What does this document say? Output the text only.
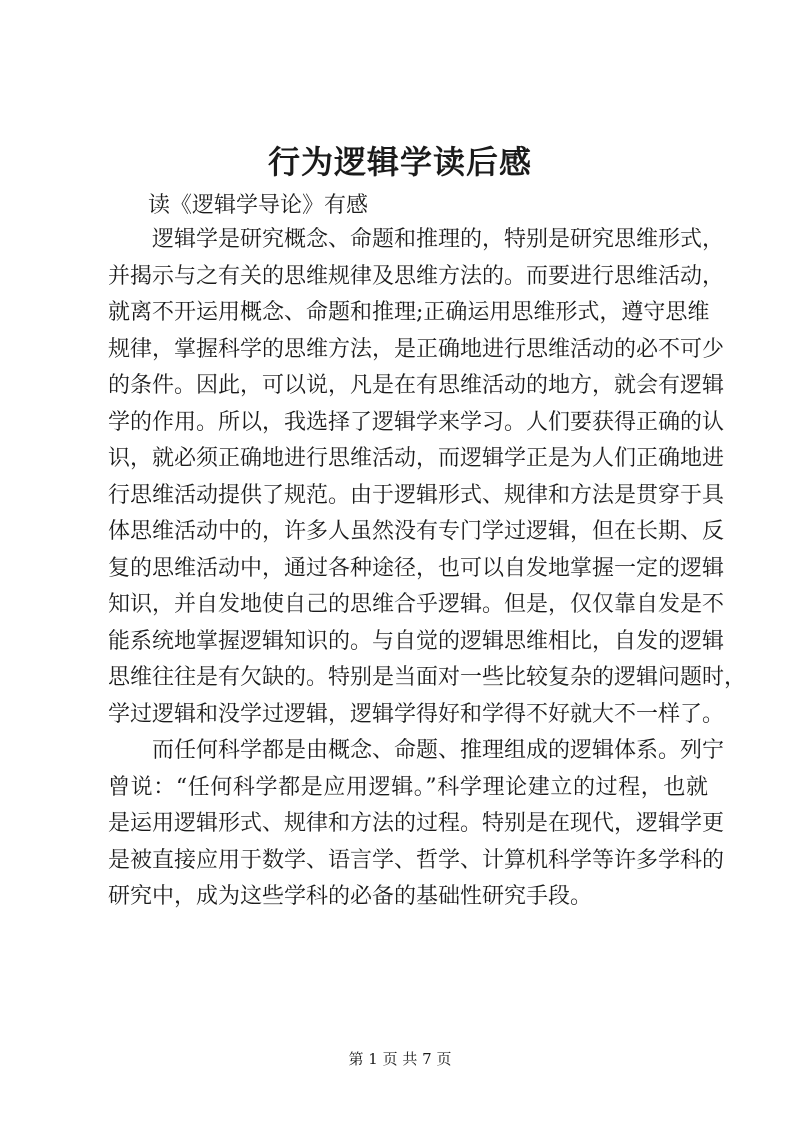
行为逻辑学读后感
读《逻辑学导论》有感
　　逻辑学是研究概念、命题和推理的，特别是研究思维形式，
并揭示与之有关的思维规律及思维方法的。而要进行思维活动，
就离不开运用概念、命题和推理;正确运用思维形式，遵守思维
规律，掌握科学的思维方法，是正确地进行思维活动的必不可少
的条件。因此，可以说，凡是在有思维活动的地方，就会有逻辑
学的作用。所以，我选择了逻辑学来学习。人们要获得正确的认
识，就必须正确地进行思维活动，而逻辑学正是为人们正确地进
行思维活动提供了规范。由于逻辑形式、规律和方法是贯穿于具
体思维活动中的，许多人虽然没有专门学过逻辑，但在长期、反
复的思维活动中，通过各种途径，也可以自发地掌握一定的逻辑
知识，并自发地使自己的思维合乎逻辑。但是，仅仅靠自发是不
能系统地掌握逻辑知识的。与自觉的逻辑思维相比，自发的逻辑
思维往往是有欠缺的。特别是当面对一些比较复杂的逻辑问题时，
学过逻辑和没学过逻辑，逻辑学得好和学得不好就大不一样了。
　　而任何科学都是由概念、命题、推理组成的逻辑体系。列宁
曾说：“任何科学都是应用逻辑。”科学理论建立的过程，也就
是运用逻辑形式、规律和方法的过程。特别是在现代，逻辑学更
是被直接应用于数学、语言学、哲学、计算机科学等许多学科的
研究中，成为这些学科的必备的基础性研究手段。
第 1 页 共 7 页
